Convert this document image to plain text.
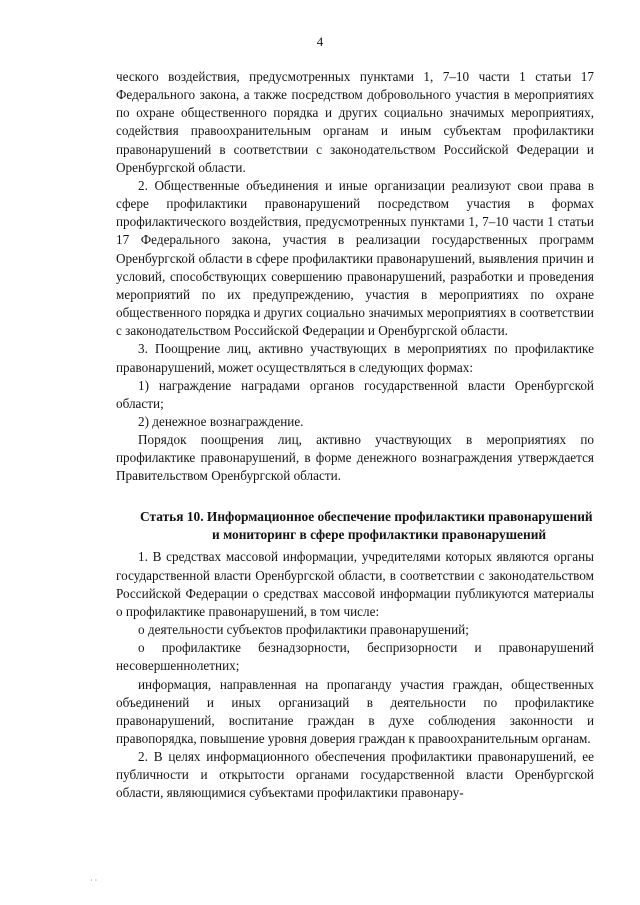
4

ческого воздействия, предусмотренных пунктами 1, 7–10 части 1 статьи 17 Федерального закона, а также посредством добровольного участия в мероприятиях по охране общественного порядка и других социально значимых мероприятиях, содействия правоохранительным органам и иным субъектам профилактики правонарушений в соответствии с законодательством Российской Федерации и Оренбургской области.

2. Общественные объединения и иные организации реализуют свои права в сфере профилактики правонарушений посредством участия в формах профилактического воздействия, предусмотренных пунктами 1, 7–10 части 1 статьи 17 Федерального закона, участия в реализации государственных программ Оренбургской области в сфере профилактики правонарушений, выявления причин и условий, способствующих совершению правонарушений, разработки и проведения мероприятий по их предупреждению, участия в мероприятиях по охране общественного порядка и других социально значимых мероприятиях в соответствии с законодательством Российской Федерации и Оренбургской области.

3. Поощрение лиц, активно участвующих в мероприятиях по профилактике правонарушений, может осуществляться в следующих формах:

1) награждение наградами органов государственной власти Оренбургской области;

2) денежное вознаграждение.

Порядок поощрения лиц, активно участвующих в мероприятиях по профилактике правонарушений, в форме денежного вознаграждения утверждается Правительством Оренбургской области.

Статья 10. Информационное обеспечение профилактики правонарушений и мониторинг в сфере профилактики правонарушений

1. В средствах массовой информации, учредителями которых являются органы государственной власти Оренбургской области, в соответствии с законодательством Российской Федерации о средствах массовой информации публикуются материалы о профилактике правонарушений, в том числе:

о деятельности субъектов профилактики правонарушений;

о профилактике безнадзорности, беспризорности и правонарушений несовершеннолетних;

информация, направленная на пропаганду участия граждан, общественных объединений и иных организаций в деятельности по профилактике правонарушений, воспитание граждан в духе соблюдения законности и правопорядка, повышение уровня доверия граждан к правоохранительным органам.

2. В целях информационного обеспечения профилактики правонарушений, ее публичности и открытости органами государственной власти Оренбургской области, являющимися субъектами профилактики правонару-

· ·
